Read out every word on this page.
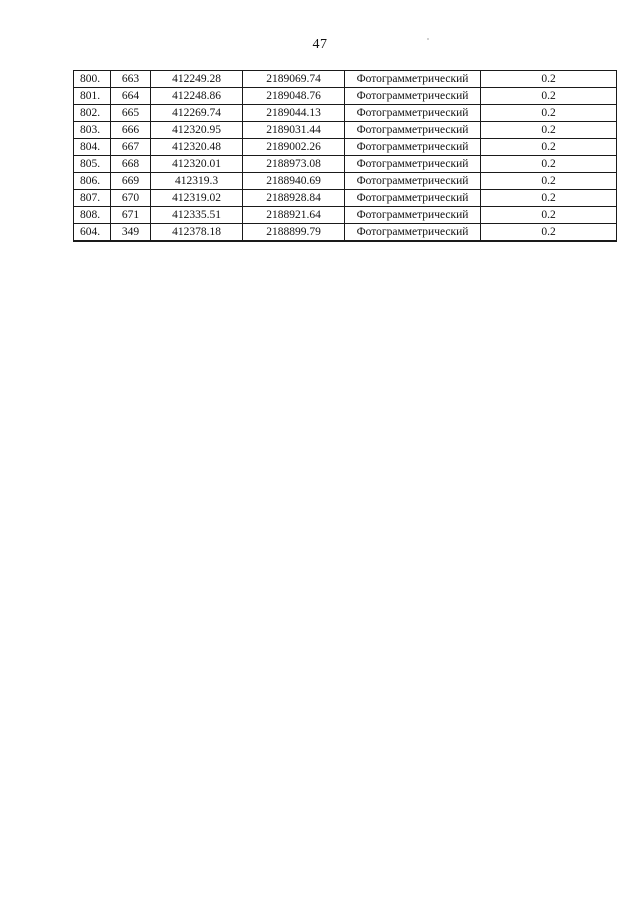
47
800.	663	412249.28	2189069.74	Фотограмметрический	0.2
801.	664	412248.86	2189048.76	Фотограмметрический	0.2
802.	665	412269.74	2189044.13	Фотограмметрический	0.2
803.	666	412320.95	2189031.44	Фотограмметрический	0.2
804.	667	412320.48	2189002.26	Фотограмметрический	0.2
805.	668	412320.01	2188973.08	Фотограмметрический	0.2
806.	669	412319.3	2188940.69	Фотограмметрический	0.2
807.	670	412319.02	2188928.84	Фотограмметрический	0.2
808.	671	412335.51	2188921.64	Фотограмметрический	0.2
604.	349	412378.18	2188899.79	Фотограмметрический	0.2
